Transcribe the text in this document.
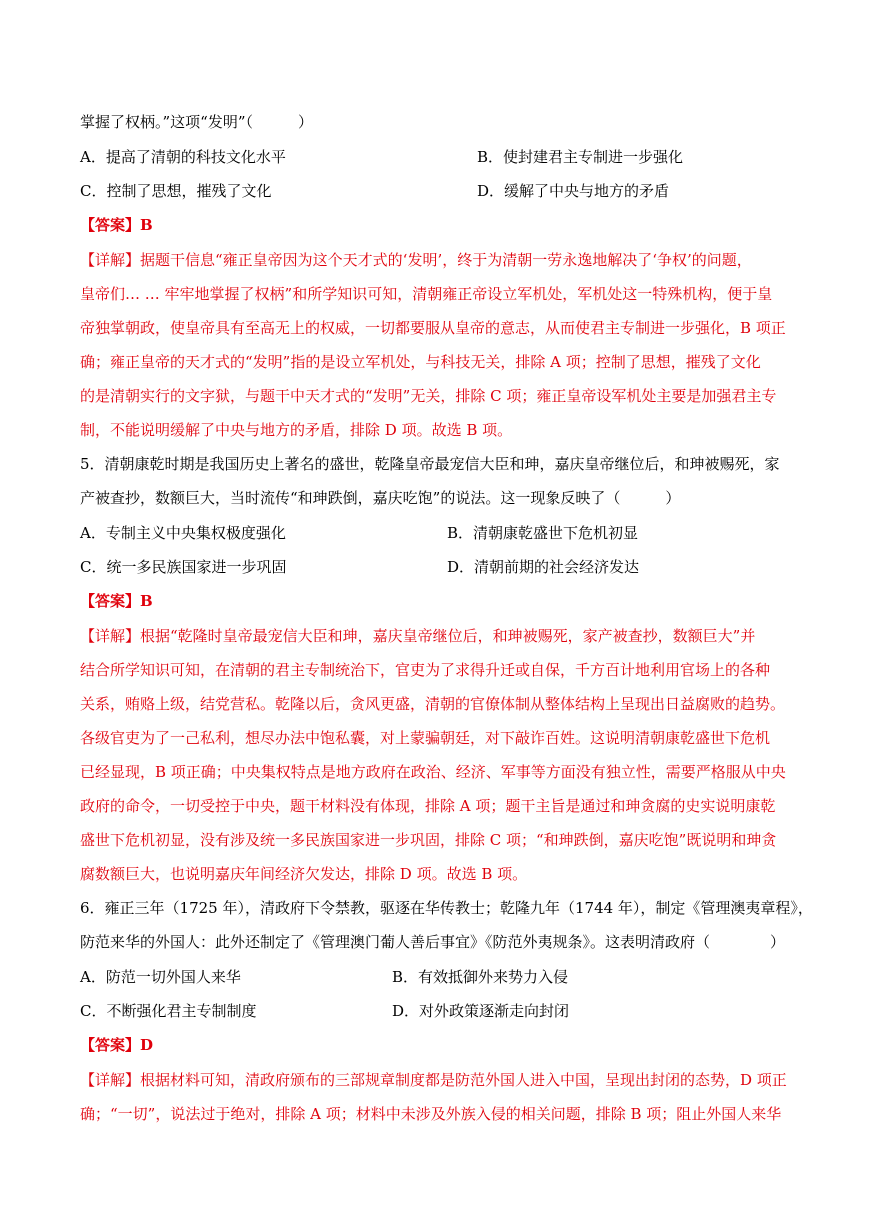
掌握了权柄。”这项“发明”（　　　）
A．提高了清朝的科技文化水平	B．使封建君主专制进一步强化
C．控制了思想，摧残了文化	D．缓解了中央与地方的矛盾
【答案】B
【详解】据题干信息“雍正皇帝因为这个天才式的‘发明’，终于为清朝一劳永逸地解决了‘争权’的问题，
皇帝们… … 牢牢地掌握了权柄”和所学知识可知，清朝雍正帝设立军机处，军机处这一特殊机构，便于皇
帝独掌朝政，使皇帝具有至高无上的权威，一切都要服从皇帝的意志，从而使君主专制进一步强化，B 项正
确；雍正皇帝的天才式的“发明”指的是设立军机处，与科技无关，排除 A 项；控制了思想，摧残了文化
的是清朝实行的文字狱，与题干中天才式的“发明”无关，排除 C 项；雍正皇帝设军机处主要是加强君主专
制，不能说明缓解了中央与地方的矛盾，排除 D 项。故选 B 项。
5．清朝康乾时期是我国历史上著名的盛世，乾隆皇帝最宠信大臣和珅，嘉庆皇帝继位后，和珅被赐死，家
产被查抄，数额巨大，当时流传“和珅跌倒，嘉庆吃饱”的说法。这一现象反映了（　　　）
A．专制主义中央集权极度强化	B．清朝康乾盛世下危机初显
C．统一多民族国家进一步巩固	D．清朝前期的社会经济发达
【答案】B
【详解】根据“乾隆时皇帝最宠信大臣和珅，嘉庆皇帝继位后，和珅被赐死，家产被查抄，数额巨大”并
结合所学知识可知，在清朝的君主专制统治下，官吏为了求得升迁或自保，千方百计地利用官场上的各种
关系，贿赂上级，结党营私。乾隆以后，贪风更盛，清朝的官僚体制从整体结构上呈现出日益腐败的趋势。
各级官吏为了一己私利，想尽办法中饱私囊，对上蒙骗朝廷，对下敲诈百姓。这说明清朝康乾盛世下危机
已经显现，B 项正确；中央集权特点是地方政府在政治、经济、军事等方面没有独立性，需要严格服从中央
政府的命令，一切受控于中央，题干材料没有体现，排除 A 项；题干主旨是通过和珅贪腐的史实说明康乾
盛世下危机初显，没有涉及统一多民族国家进一步巩固，排除 C 项；“和珅跌倒，嘉庆吃饱”既说明和珅贪
腐数额巨大，也说明嘉庆年间经济欠发达，排除 D 项。故选 B 项。
6．雍正三年（1725 年），清政府下令禁教，驱逐在华传教士；乾隆九年（1744 年），制定《管理澳夷章程》，
防范来华的外国人：此外还制定了《管理澳门葡人善后事宜》《防范外夷规条》。这表明清政府（　　　　）
A．防范一切外国人来华	B．有效抵御外来势力入侵
C．不断强化君主专制制度	D．对外政策逐渐走向封闭
【答案】D
【详解】根据材料可知，清政府颁布的三部规章制度都是防范外国人进入中国，呈现出封闭的态势，D 项正
确；“一切”，说法过于绝对，排除 A 项；材料中未涉及外族入侵的相关问题，排除 B 项；阻止外国人来华
